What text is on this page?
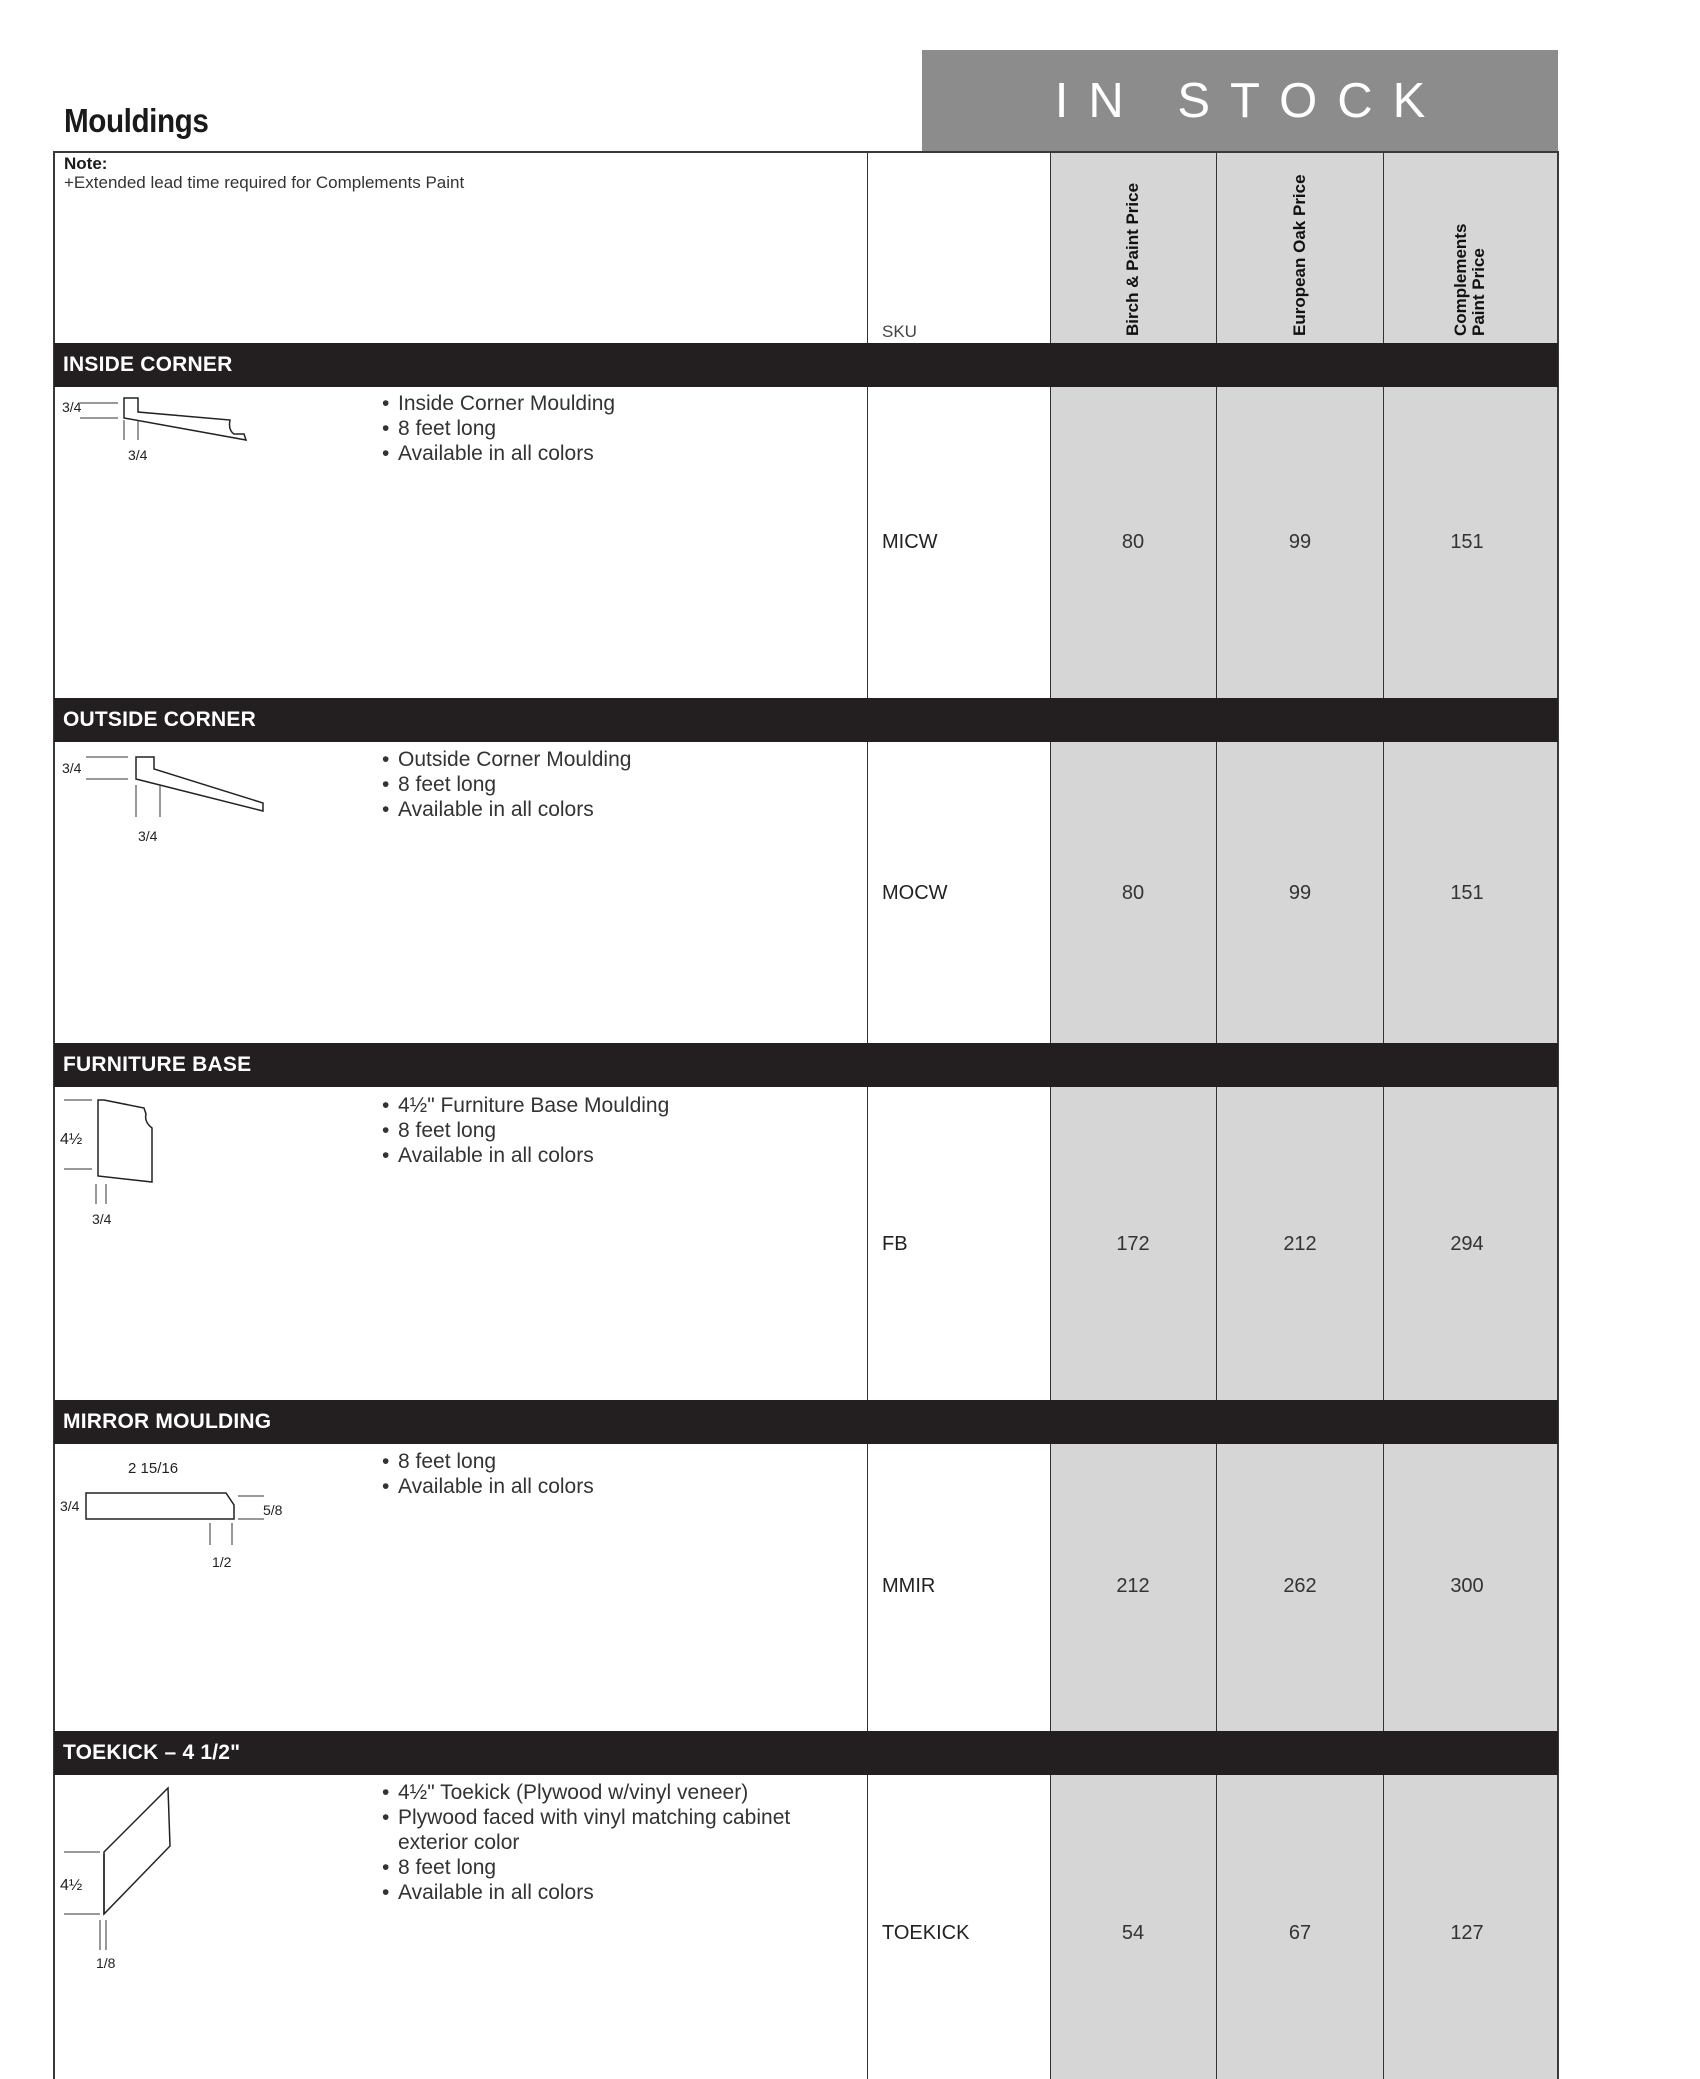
Mouldings	IN STOCK
Note:
+Extended lead time required for Complements Paint
SKU	Birch & Paint Price	European Oak Price	Complements Paint Price
INSIDE CORNER
3/4
3/4
• Inside Corner Moulding
• 8 feet long
• Available in all colors
MICW	80	99	151
OUTSIDE CORNER
3/4
3/4
• Outside Corner Moulding
• 8 feet long
• Available in all colors
MOCW	80	99	151
FURNITURE BASE
4½
3/4
• 4½" Furniture Base Moulding
• 8 feet long
• Available in all colors
FB	172	212	294
MIRROR MOULDING
2 15/16
3/4	5/8
1/2
• 8 feet long
• Available in all colors
MMIR	212	262	300
TOEKICK – 4 1/2"
4½
1/8
• 4½" Toekick (Plywood w/vinyl veneer)
• Plywood faced with vinyl matching cabinet exterior color
• 8 feet long
• Available in all colors
TOEKICK	54	67	127
